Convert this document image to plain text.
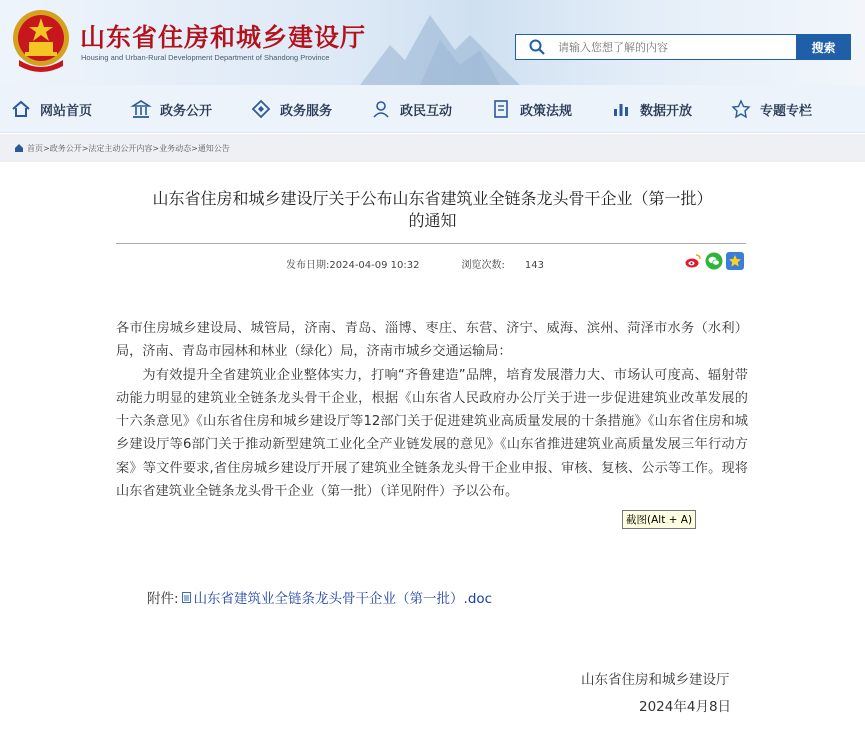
山东省住房和城乡建设厅
Housing and Urban-Rural Development Department of Shandong Province
请输入您想了解的内容
搜索
网站首页	政务公开	政务服务	政民互动	政策法规	数据开放	专题专栏
首页 > 政务公开 > 法定主动公开内容 > 业务动态 > 通知公告
山东省住房和城乡建设厅关于公布山东省建筑业全链条龙头骨干企业（第一批）
的通知
发布日期:2024-04-09 10:32	浏览次数: 143

各市住房城乡建设局、城管局，济南、青岛、淄博、枣庄、东营、济宁、威海、滨州、菏泽市水务（水利）局，济南、青岛市园林和林业（绿化）局，济南市城乡交通运输局：

为有效提升全省建筑业企业整体实力，打响“齐鲁建造”品牌，培育发展潜力大、市场认可度高、辐射带动能力明显的建筑业全链条龙头骨干企业，根据《山东省人民政府办公厅关于进一步促进建筑业改革发展的十六条意见》《山东省住房和城乡建设厅等12部门关于促进建筑业高质量发展的十条措施》《山东省住房和城乡建设厅等6部门关于推动新型建筑工业化全产业链发展的意见》《山东省推进建筑业高质量发展三年行动方案》等文件要求,省住房城乡建设厅开展了建筑业全链条龙头骨干企业申报、审核、复核、公示等工作。现将山东省建筑业全链条龙头骨干企业（第一批）（详见附件）予以公布。

截图(Alt + A)
附件: 山东省建筑业全链条龙头骨干企业（第一批）.doc
山东省住房和城乡建设厅
2024年4月8日
